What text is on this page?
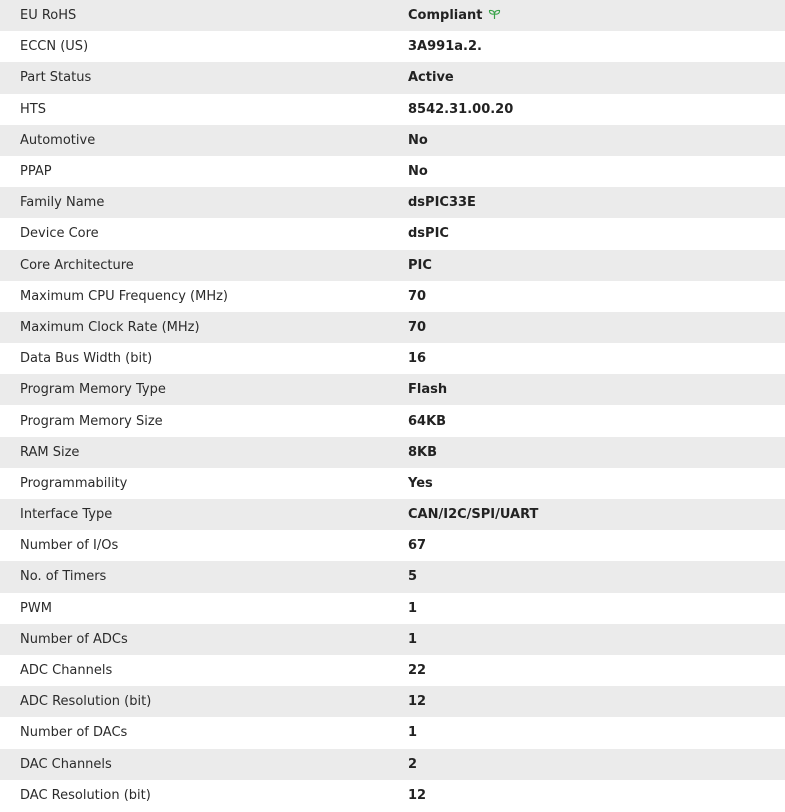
EU RoHS	Compliant
ECCN (US)	3A991a.2.
Part Status	Active
HTS	8542.31.00.20
Automotive	No
PPAP	No
Family Name	dsPIC33E
Device Core	dsPIC
Core Architecture	PIC
Maximum CPU Frequency (MHz)	70
Maximum Clock Rate (MHz)	70
Data Bus Width (bit)	16
Program Memory Type	Flash
Program Memory Size	64KB
RAM Size	8KB
Programmability	Yes
Interface Type	CAN/I2C/SPI/UART
Number of I/Os	67
No. of Timers	5
PWM	1
Number of ADCs	1
ADC Channels	22
ADC Resolution (bit)	12
Number of DACs	1
DAC Channels	2
DAC Resolution (bit)	12
